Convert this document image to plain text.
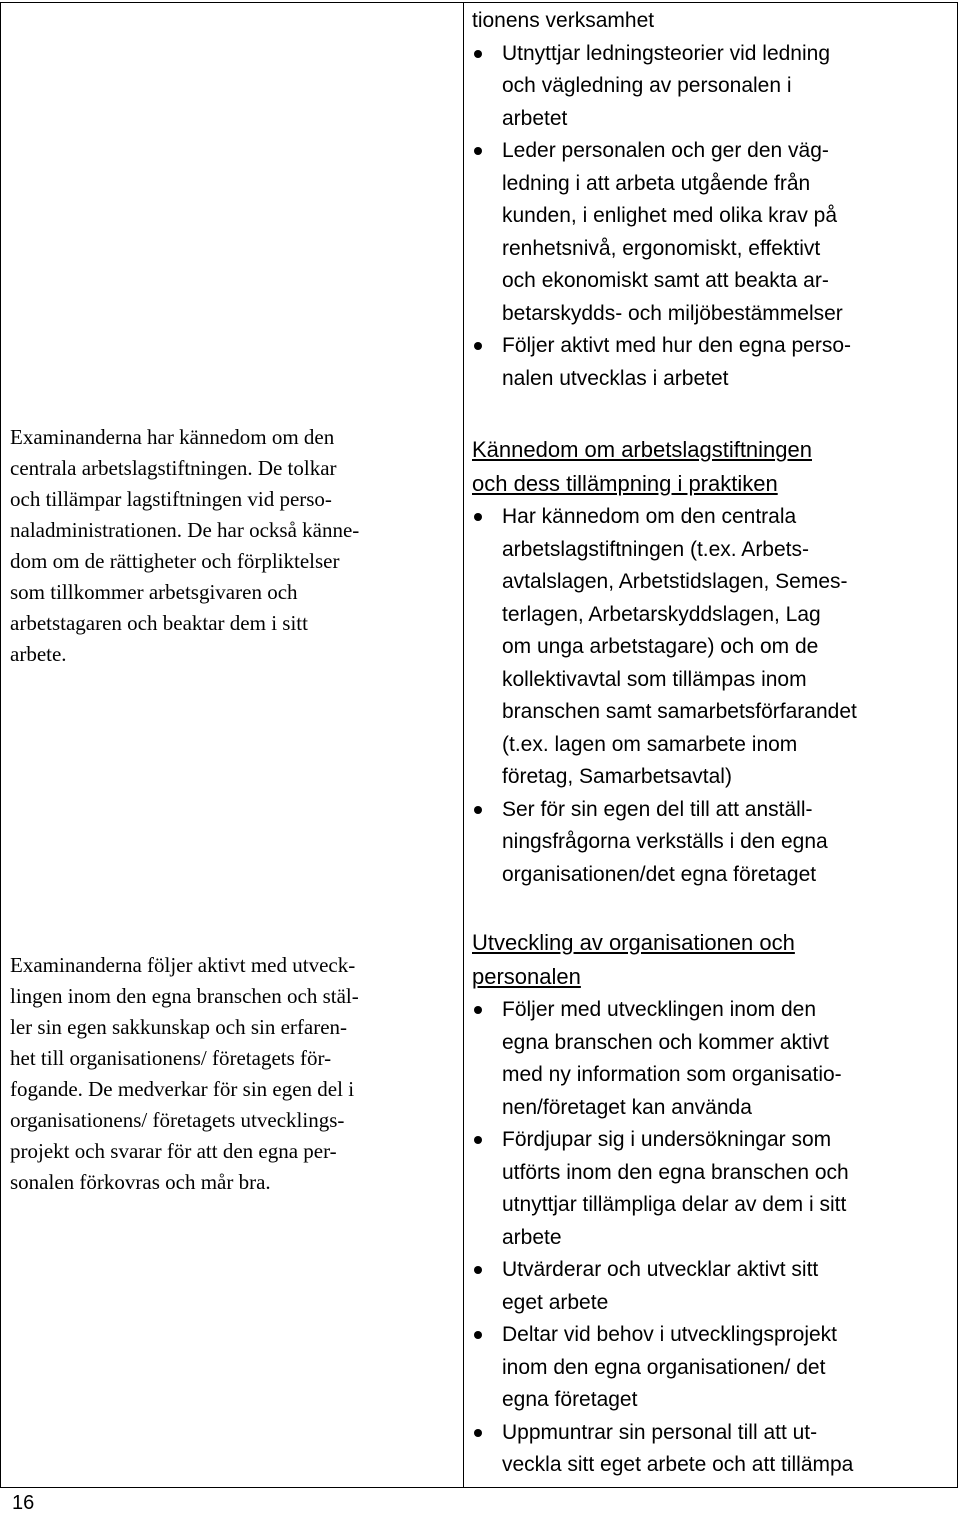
Examinanderna har kännedom om den
centrala arbetslagstiftningen. De tolkar
och tillämpar lagstiftningen vid perso-
naladministrationen. De har också känne-
dom om de rättigheter och förpliktelser
som tillkommer arbetsgivaren och
arbetstagaren och beaktar dem i sitt
arbete.

Examinanderna följer aktivt med utveck-
lingen inom den egna branschen och stäl-
ler sin egen sakkunskap och sin erfaren-
het till organisationens/ företagets för-
fogande. De medverkar för sin egen del i
organisationens/ företagets utvecklings-
projekt och svarar för att den egna per-
sonalen förkovras och mår bra.

tionens verksamhet
Utnyttjar ledningsteorier vid ledning
och vägledning av personalen i
arbetet
Leder personalen och ger den väg-
ledning i att arbeta utgående från
kunden, i enlighet med olika krav på
renhetsnivå, ergonomiskt, effektivt
och ekonomiskt samt att beakta ar-
betarskydds- och miljöbestämmelser
Följer aktivt med hur den egna perso-
nalen utvecklas i arbetet
Kännedom om arbetslagstiftningen
och dess tillämpning i praktiken
Har kännedom om den centrala
arbetslagstiftningen (t.ex. Arbets-
avtalslagen, Arbetstidslagen, Semes-
terlagen, Arbetarskyddslagen, Lag
om unga arbetstagare) och om de
kollektivavtal som tillämpas inom
branschen samt samarbetsförfarandet
(t.ex. lagen om samarbete inom
företag, Samarbetsavtal)
Ser för sin egen del till att anställ-
ningsfrågorna verkställs i den egna
organisationen/det egna företaget
Utveckling av organisationen och
personalen
Följer med utvecklingen inom den
egna branschen och kommer aktivt
med ny information som organisatio-
nen/företaget kan använda
Fördjupar sig i undersökningar som
utförts inom den egna branschen och
utnyttjar tillämpliga delar av dem i sitt
arbete
Utvärderar och utvecklar aktivt sitt
eget arbete
Deltar vid behov i utvecklingsprojekt
inom den egna organisationen/ det
egna företaget
Uppmuntrar sin personal till att ut-
veckla sitt eget arbete och att tillämpa
16
